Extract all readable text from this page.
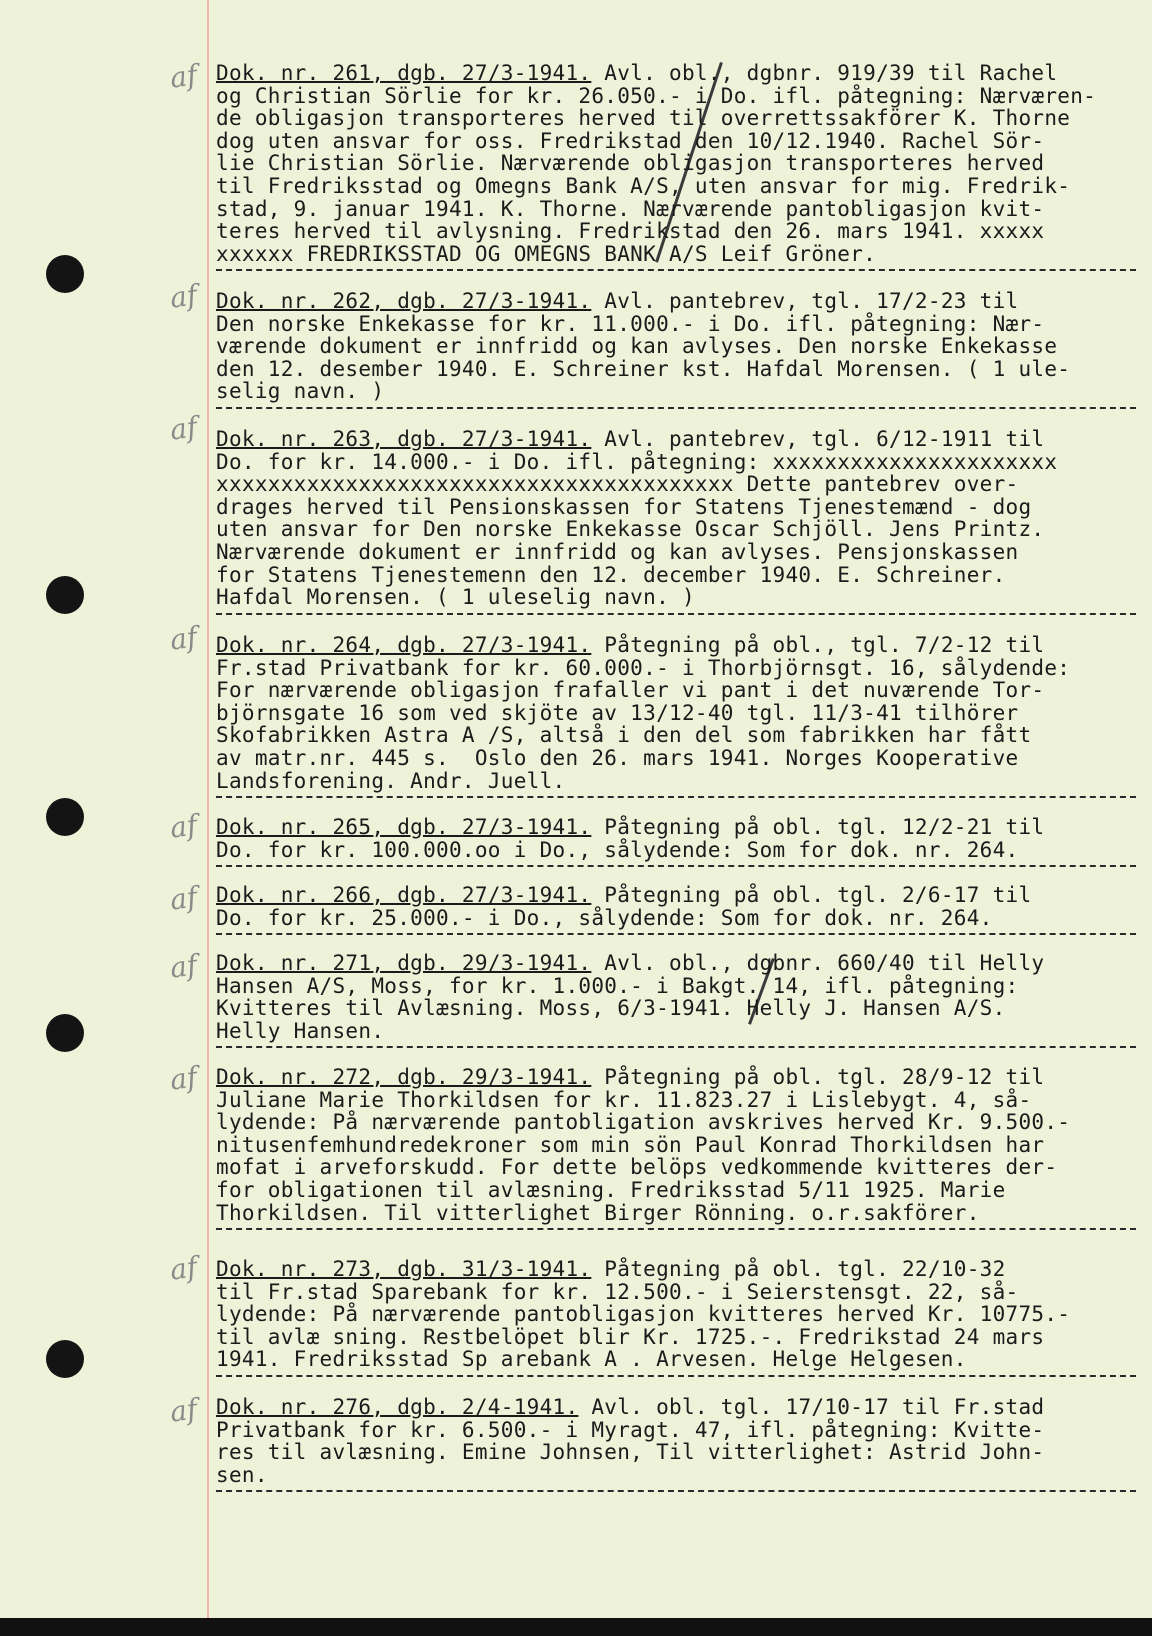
af
af
af
af
af
af
af
af
af
af
Dok. nr. 261, dgb. 27/3-1941. Avl. obl., dgbnr. 919/39 til Rachel
og Christian Sörlie for kr. 26.050.- i Do. ifl. påtegning: Nærværen-
de obligasjon transporteres herved til overrettssakförer K. Thorne
dog uten ansvar for oss. Fredrikstad den 10/12.1940. Rachel Sör-
lie Christian Sörlie. Nærværende obligasjon transporteres herved
til Fredriksstad og Omegns Bank A/S, uten ansvar for mig. Fredrik-
stad, 9. januar 1941. K. Thorne. Nærværende pantobligasjon kvit-
teres herved til avlysning. Fredrikstad den 26. mars 1941. xxxxx
xxxxxx FREDRIKSSTAD OG OMEGNS BANK A/S Leif Gröner.
Dok. nr. 262, dgb. 27/3-1941. Avl. pantebrev, tgl. 17/2-23 til
Den norske Enkekasse for kr. 11.000.- i Do. ifl. påtegning: Nær-
værende dokument er innfridd og kan avlyses. Den norske Enkekasse
den 12. desember 1940. E. Schreiner kst. Hafdal Morensen. ( 1 ule-
selig navn. )
Dok. nr. 263, dgb. 27/3-1941. Avl. pantebrev, tgl. 6/12-1911 til
Do. for kr. 14.000.- i Do. ifl. påtegning: xxxxxxxxxxxxxxxxxxxxxx
xxxxxxxxxxxxxxxxxxxxxxxxxxxxxxxxxxxxxxxx Dette pantebrev over-
drages herved til Pensionskassen for Statens Tjenestemænd - dog
uten ansvar for Den norske Enkekasse Oscar Schjöll. Jens Printz.
Nærværende dokument er innfridd og kan avlyses. Pensjonskassen
for Statens Tjenestemenn den 12. december 1940. E. Schreiner.
Hafdal Morensen. ( 1 uleselig navn. )
Dok. nr. 264, dgb. 27/3-1941. Påtegning på obl., tgl. 7/2-12 til
Fr.stad Privatbank for kr. 60.000.- i Thorbjörnsgt. 16, sålydende:
For nærværende obligasjon frafaller vi pant i det nuværende Tor-
björnsgate 16 som ved skjöte av 13/12-40 tgl. 11/3-41 tilhörer
Skofabrikken Astra A /S, altså i den del som fabrikken har fått
av matr.nr. 445 s.  Oslo den 26. mars 1941. Norges Kooperative
Landsforening. Andr. Juell.
Dok. nr. 265, dgb. 27/3-1941. Påtegning på obl. tgl. 12/2-21 til
Do. for kr. 100.000.oo i Do., sålydende: Som for dok. nr. 264.
Dok. nr. 266, dgb. 27/3-1941. Påtegning på obl. tgl. 2/6-17 til
Do. for kr. 25.000.- i Do., sålydende: Som for dok. nr. 264.
Dok. nr. 271, dgb. 29/3-1941. Avl. obl., dgbnr. 660/40 til Helly
Hansen A/S, Moss, for kr. 1.000.- i Bakgt. 14, ifl. påtegning:
Kvitteres til Avlæsning. Moss, 6/3-1941. Helly J. Hansen A/S.
Helly Hansen.
Dok. nr. 272, dgb. 29/3-1941. Påtegning på obl. tgl. 28/9-12 til
Juliane Marie Thorkildsen for kr. 11.823.27 i Lislebygt. 4, så-
lydende: På nærværende pantobligation avskrives herved Kr. 9.500.-
nitusenfemhundredekroner som min sön Paul Konrad Thorkildsen har
mofat i arveforskudd. For dette belöps vedkommende kvitteres der-
for obligationen til avlæsning. Fredriksstad 5/11 1925. Marie
Thorkildsen. Til vitterlighet Birger Rönning. o.r.sakförer.
Dok. nr. 273, dgb. 31/3-1941. Påtegning på obl. tgl. 22/10-32
til Fr.stad Sparebank for kr. 12.500.- i Seierstensgt. 22, så-
lydende: På nærværende pantobligasjon kvitteres herved Kr. 10775.-
til avlæ sning. Restbelöpet blir Kr. 1725.-. Fredrikstad 24 mars
1941. Fredriksstad Sp arebank A . Arvesen. Helge Helgesen.
Dok. nr. 276, dgb. 2/4-1941. Avl. obl. tgl. 17/10-17 til Fr.stad
Privatbank for kr. 6.500.- i Myragt. 47, ifl. påtegning: Kvitte-
res til avlæsning. Emine Johnsen, Til vitterlighet: Astrid John-
sen.
